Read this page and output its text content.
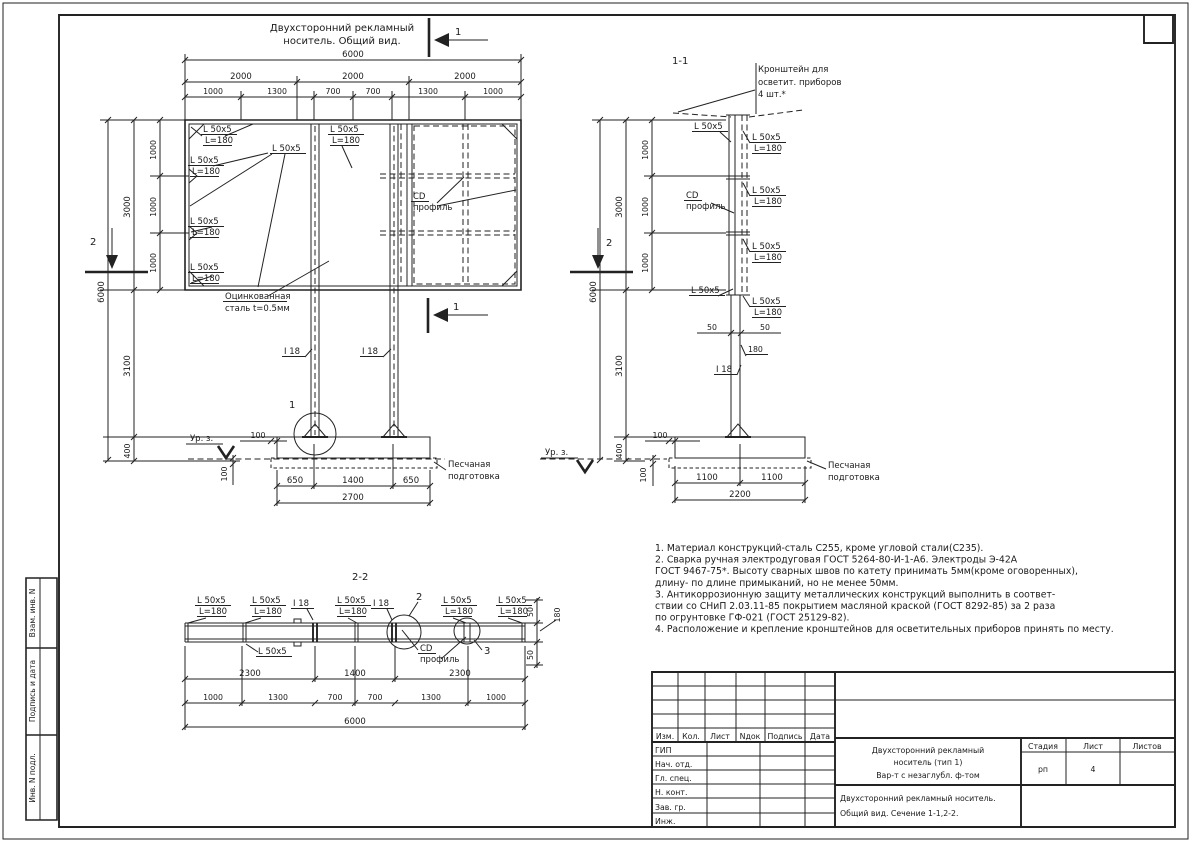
Двухсторонний рекламный
носитель. Общий вид.
6000
2000	2000	2000
1000	1300	700	700	1300	1000
6000
3000
3100
400
1000
1000
1000
L 50x5
L=180
L 50x5
L=180
L 50x5
L=180
L 50x5
L=180
L 50x5
L 50x5
L=180
CD
профиль
Оцинкованная
сталь t=0.5мм
I 18	I 18
1
1
2	2
Ур. з.
1
100
100	650	1400	650
2700
Песчаная
подготовка
1-1
6000
3000
3100
400
1000
1000
1000
Кронштейн для
осветит. приборов
4 шт.*
L 50x5
L 50x5
L 50x5
L=180
L 50x5
L=180
L 50x5
L=180
L 50x5
L=180
CD
профиль
50	50
180
I 18
Ур. з.
100
100	1100	1100
2200
Песчаная
подготовка
2-2
L 50x5
L=180
L 50x5
L=180
L 50x5
L=180
L 50x5
L=180
L 50x5
L=180
I 18	I 18
L 50x5	CD
профиль
2
3
50
50
180
2300	1400	2300
1000	1300	700	700	1300	1000
6000
1. Материал конструкций-сталь С255, кроме угловой стали(С235).
2. Сварка ручная электродуговая ГОСТ 5264-80-И-1-А6. Электроды Э-42А
ГОСТ 9467-75*. Высоту сварных швов по катету принимать 5мм(кроме оговоренных),
длину- по длине примыканий, но не менее 50мм.
3. Антикоррозионную защиту металлических конструкций выполнить в соответ-
ствии со СНиП 2.03.11-85 покрытием масляной краской (ГОСТ 8292-85) за 2 раза
по огрунтовке ГФ-021 (ГОСТ 25129-82).
4. Расположение и крепление кронштейнов для осветительных приборов принять по месту.
Изм. Кол. Лист Nдок Подпись Дата
ГИП
Нач. отд.
Гл. спец.
Н. конт.
Зав. гр.
Инж.
Двухсторонний рекламный
носитель (тип 1)
Вар-т с незаглубл. ф-том
Стадия	Лист	Листов
рп	4
Двухсторонний рекламный носитель.
Общий вид. Сечение 1-1,2-2.
Взам. инв. N
Подпись и дата
Инв. N подл.
